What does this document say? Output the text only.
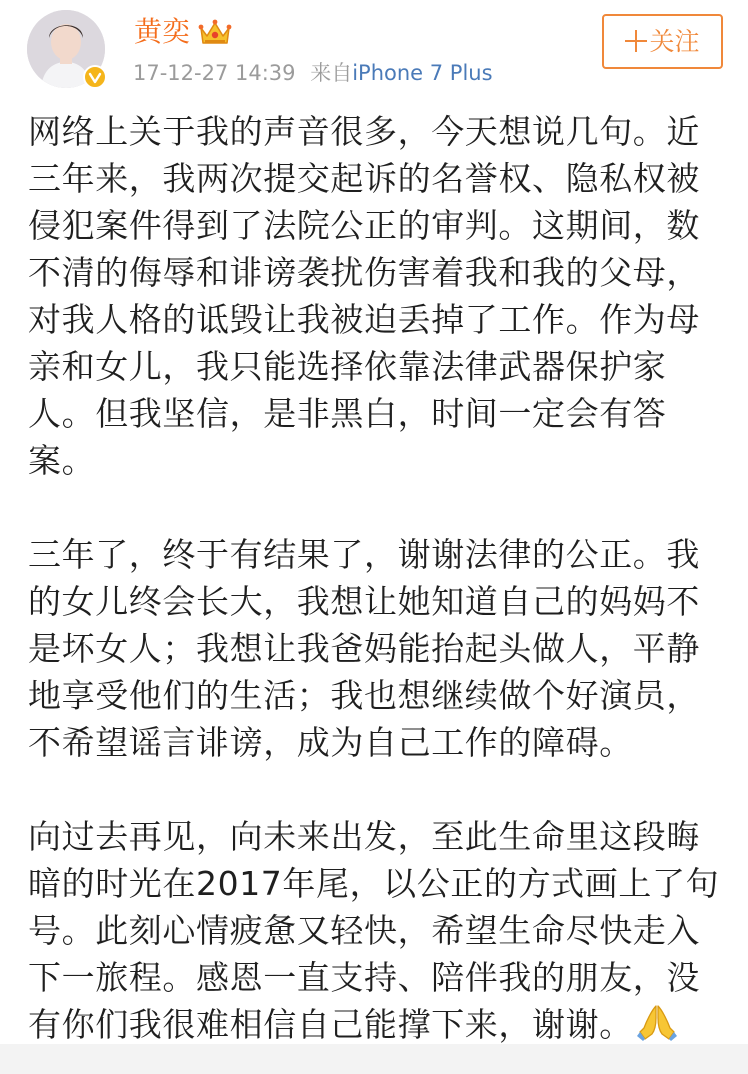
黄奕
17-12-27 14:39 来自iPhone 7 Plus
关注
网络上关于我的声音很多，今天想说几句。近
三年来，我两次提交起诉的名誉权、隐私权被
侵犯案件得到了法院公正的审判。这期间，数
不清的侮辱和诽谤袭扰伤害着我和我的父母，
对我人格的诋毁让我被迫丢掉了工作。作为母
亲和女儿，我只能选择依靠法律武器保护家
人。但我坚信，是非黑白，时间一定会有答
案。
三年了，终于有结果了，谢谢法律的公正。我
的女儿终会长大，我想让她知道自己的妈妈不
是坏女人；我想让我爸妈能抬起头做人，平静
地享受他们的生活；我也想继续做个好演员，
不希望谣言诽谤，成为自己工作的障碍。
向过去再见，向未来出发，至此生命里这段晦
暗的时光在2017年尾，以公正的方式画上了句
号。此刻心情疲惫又轻快，希望生命尽快走入
下一旅程。感恩一直支持、陪伴我的朋友，没
有你们我很难相信自己能撑下来，谢谢。
